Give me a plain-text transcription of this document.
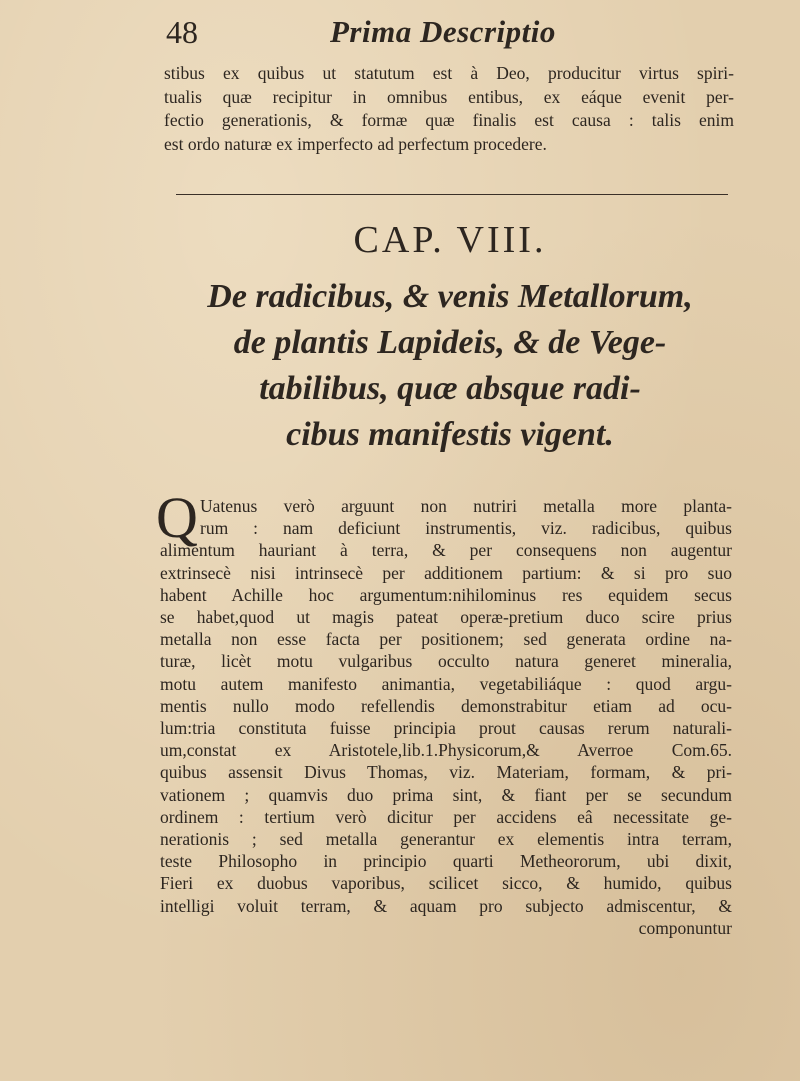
48	Prima Descriptio
stibus ex quibus ut statutum est à Deo, producitur virtus spiri-
tualis quæ recipitur in omnibus entibus, ex eáque evenit per-
fectio generationis, & formæ quæ finalis est causa : talis enim
est ordo naturæ ex imperfecto ad perfectum procedere.
CAP. VIII.
De radicibus, & venis Metallorum,
de plantis Lapideis, & de Vege-
tabilibus, quæ absque radi-
cibus manifestis vigent.
Q Uatenus verò arguunt non nutriri metalla more planta-
rum : nam deficiunt instrumentis, viz. radicibus, quibus
alimentum hauriant à terra, & per consequens non augentur
extrinsecè nisi intrinsecè per additionem partium: & si pro suo
habent Achille hoc argumentum:nihilominus res equidem secus
se habet,quod ut magis pateat operæ-pretium duco scire prius
metalla non esse facta per positionem; sed generata ordine na-
turæ, licèt motu vulgaribus occulto natura generet mineralia,
motu autem manifesto animantia, vegetabiliáque : quod argu-
mentis nullo modo refellendis demonstrabitur etiam ad ocu-
lum:tria constituta fuisse principia prout causas rerum naturali-
um,constat ex Aristotele,lib.1.Physicorum,& Averroe Com.65.
quibus assensit Divus Thomas, viz. Materiam, formam, & pri-
vationem ; quamvis duo prima sint, & fiant per se secundum
ordinem : tertium verò dicitur per accidens eâ necessitate ge-
nerationis ; sed metalla generantur ex elementis intra terram,
teste Philosopho in principio quarti Metheororum, ubi dixit,
Fieri ex duobus vaporibus, scilicet sicco, & humido, quibus
intelligi voluit terram, & aquam pro subjecto admiscentur, &
componuntur
